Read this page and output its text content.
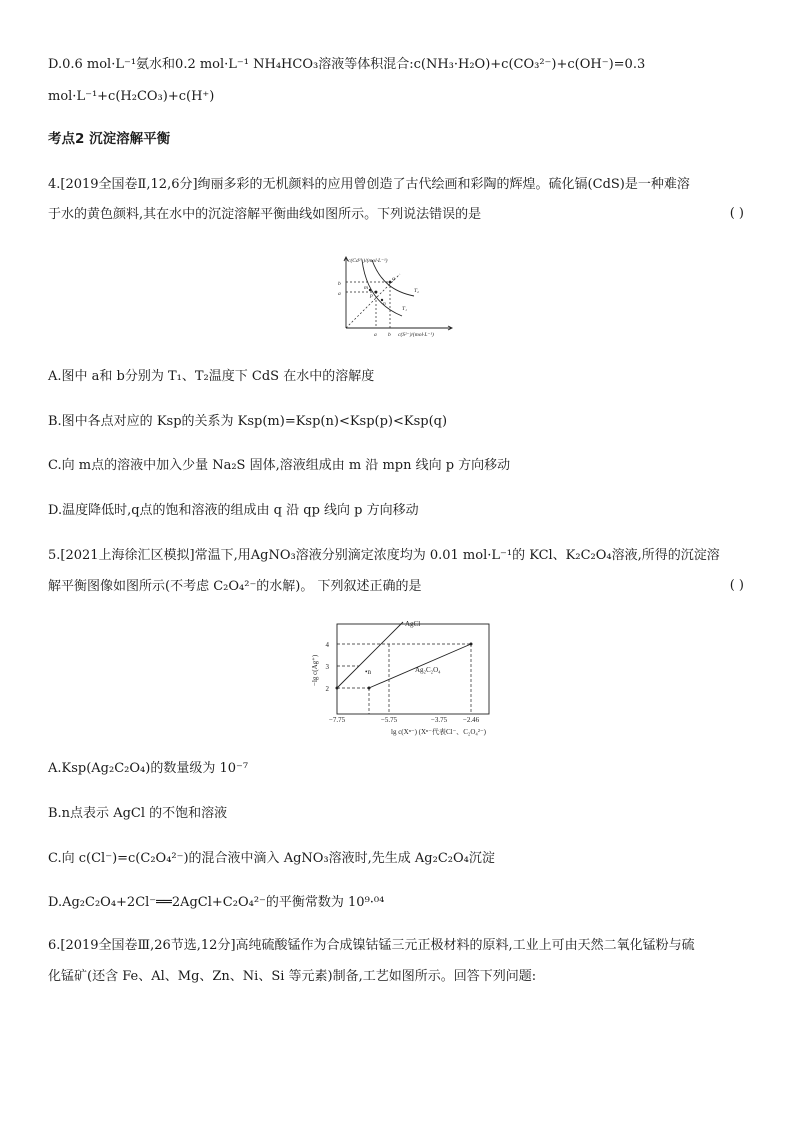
D.0.6 mol·L⁻¹氨水和0.2 mol·L⁻¹ NH₄HCO₃溶液等体积混合:c(NH₃·H₂O)+c(CO₃²⁻)+c(OH⁻)=0.3
mol·L⁻¹+c(H₂CO₃)+c(H⁺)
考点2 沉淀溶解平衡
4.[2019全国卷Ⅱ,12,6分]绚丽多彩的无机颜料的应用曾创造了古代绘画和彩陶的辉煌。硫化镉(CdS)是一种难溶
于水的黄色颜料,其在水中的沉淀溶解平衡曲线如图所示。下列说法错误的是	( )
c(Cd²⁺)/(mol·L⁻¹)
c(S²⁻)/(mol·L⁻¹)
b
a
a b
m
n
p
q
T₁
T₂
A.图中 a和 b分别为 T₁、T₂温度下 CdS 在水中的溶解度
B.图中各点对应的 Ksp的关系为 Ksp(m)=Ksp(n)<Ksp(p)<Ksp(q)
C.向 m点的溶液中加入少量 Na₂S 固体,溶液组成由 m 沿 mpn 线向 p 方向移动
D.温度降低时,q点的饱和溶液的组成由 q 沿 qp 线向 p 方向移动
5.[2021上海徐汇区模拟]常温下,用AgNO₃溶液分别滴定浓度均为 0.01 mol·L⁻¹的 KCl、K₂C₂O₄溶液,所得的沉淀溶
解平衡图像如图所示(不考虑 C₂O₄²⁻的水解)。 下列叙述正确的是	( )
AgCl
Ag₂C₂O₄
•n
4
3
2
−7.75	−5.75	−3.75 −2.46
lg c(Xⁿ⁻) (Xⁿ⁻代表Cl⁻、C₂O₄²⁻)
−lg c(Ag⁺)
A.Ksp(Ag₂C₂O₄)的数量级为 10⁻⁷
B.n点表示 AgCl 的不饱和溶液
C.向 c(Cl⁻)=c(C₂O₄²⁻)的混合液中滴入 AgNO₃溶液时,先生成 Ag₂C₂O₄沉淀
D.Ag₂C₂O₄+2Cl⁻══2AgCl+C₂O₄²⁻的平衡常数为 10⁹·⁰⁴
6.[2019全国卷Ⅲ,26节选,12分]高纯硫酸锰作为合成镍钴锰三元正极材料的原料,工业上可由天然二氧化锰粉与硫
化锰矿(还含 Fe、Al、Mg、Zn、Ni、Si 等元素)制备,工艺如图所示。回答下列问题:
